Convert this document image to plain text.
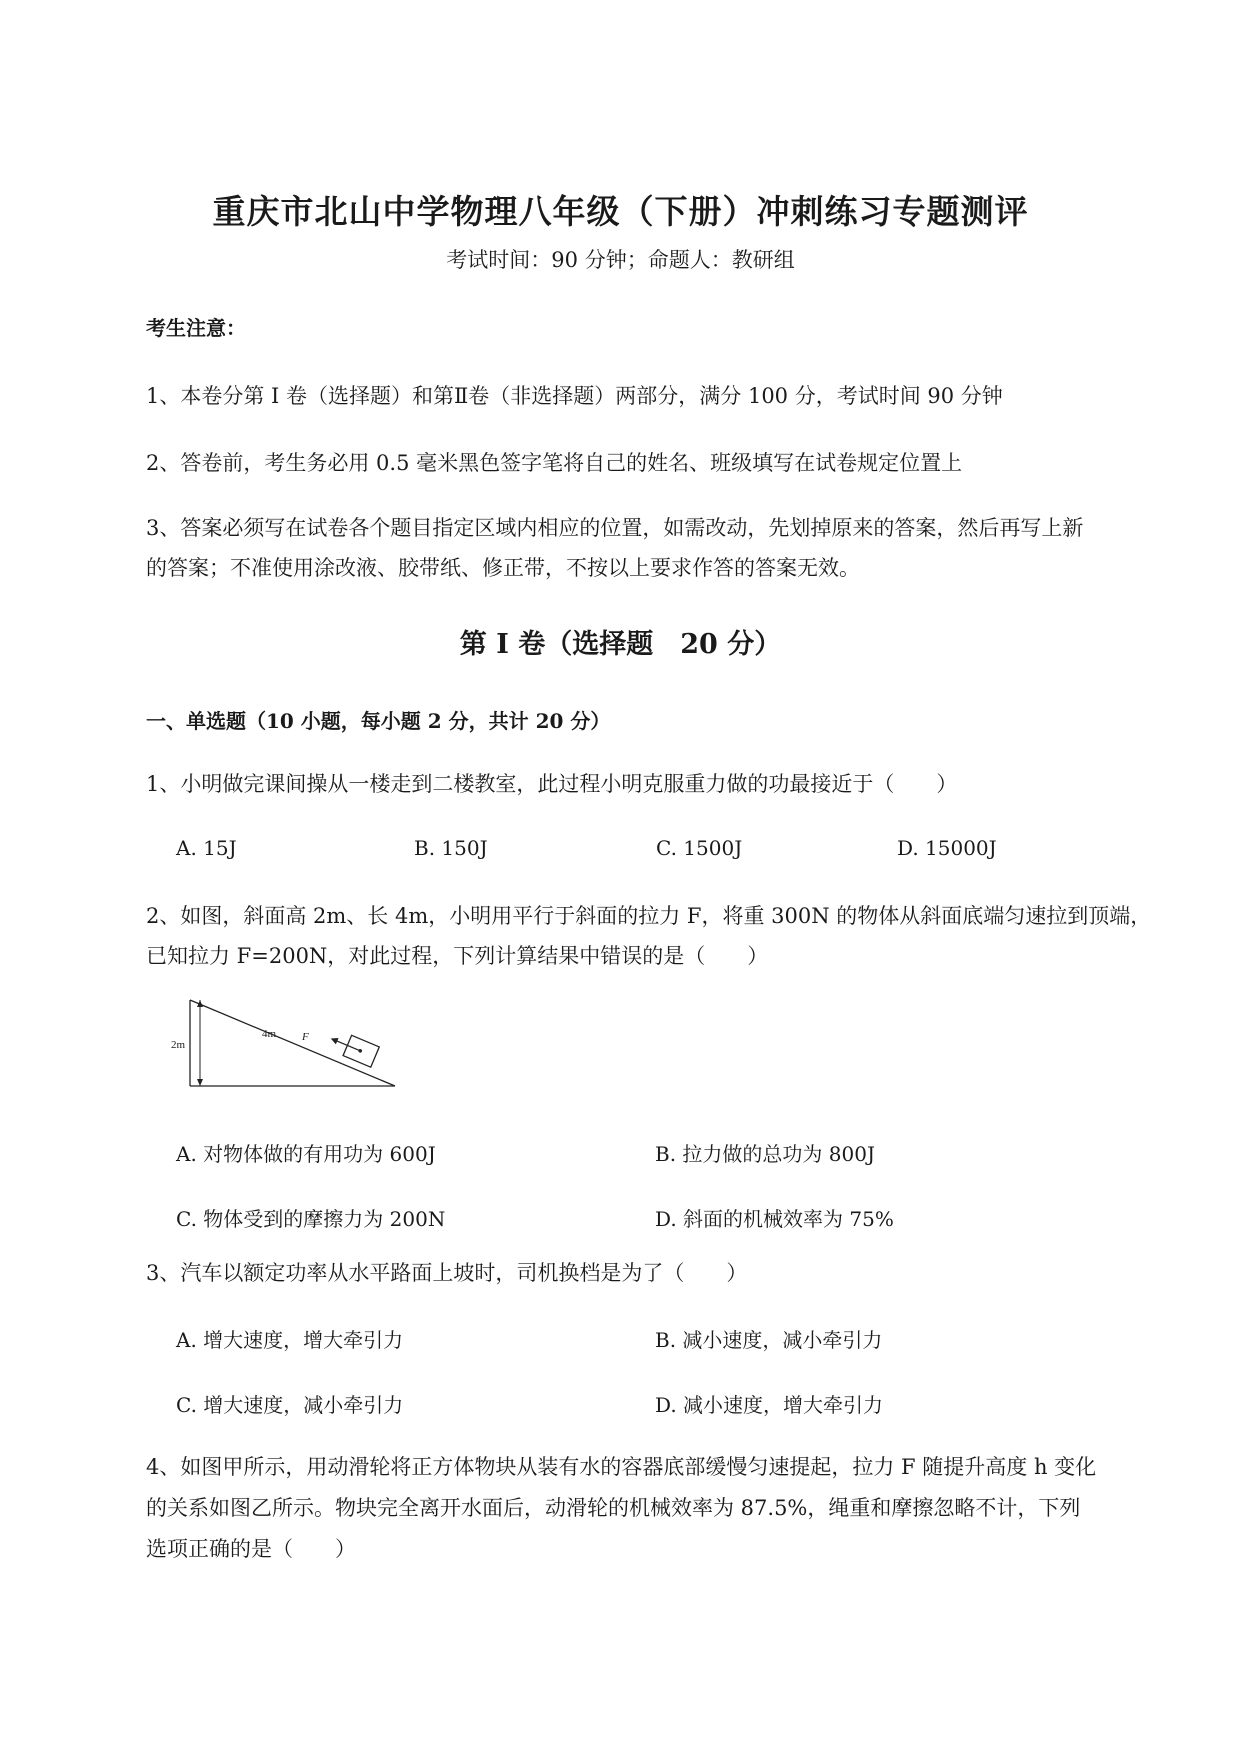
重庆市北山中学物理八年级（下册）冲刺练习专题测评
考试时间：90 分钟；命题人：教研组
考生注意：
1、本卷分第 I 卷（选择题）和第Ⅱ卷（非选择题）两部分，满分 100 分，考试时间 90 分钟
2、答卷前，考生务必用 0.5 毫米黑色签字笔将自己的姓名、班级填写在试卷规定位置上
3、答案必须写在试卷各个题目指定区域内相应的位置，如需改动，先划掉原来的答案，然后再写上新
的答案；不准使用涂改液、胶带纸、修正带，不按以上要求作答的答案无效。
第 I 卷（选择题　20 分）
一、单选题（10 小题，每小题 2 分，共计 20 分）
1、小明做完课间操从一楼走到二楼教室，此过程小明克服重力做的功最接近于（　　）
A. 15J	B. 150J	C. 1500J	D. 15000J
2、如图，斜面高 2m、长 4m，小明用平行于斜面的拉力 F，将重 300N 的物体从斜面底端匀速拉到顶端，
已知拉力 F=200N，对此过程，下列计算结果中错误的是（　　）
2m
4m F
A. 对物体做的有用功为 600J	B. 拉力做的总功为 800J
C. 物体受到的摩擦力为 200N	D. 斜面的机械效率为 75%
3、汽车以额定功率从水平路面上坡时，司机换档是为了（　　）
A. 增大速度，增大牵引力	B. 减小速度，减小牵引力
C. 增大速度，减小牵引力	D. 减小速度，增大牵引力
4、如图甲所示，用动滑轮将正方体物块从装有水的容器底部缓慢匀速提起，拉力 F 随提升高度 h 变化
的关系如图乙所示。物块完全离开水面后，动滑轮的机械效率为 87.5%，绳重和摩擦忽略不计，下列
选项正确的是（　　）
